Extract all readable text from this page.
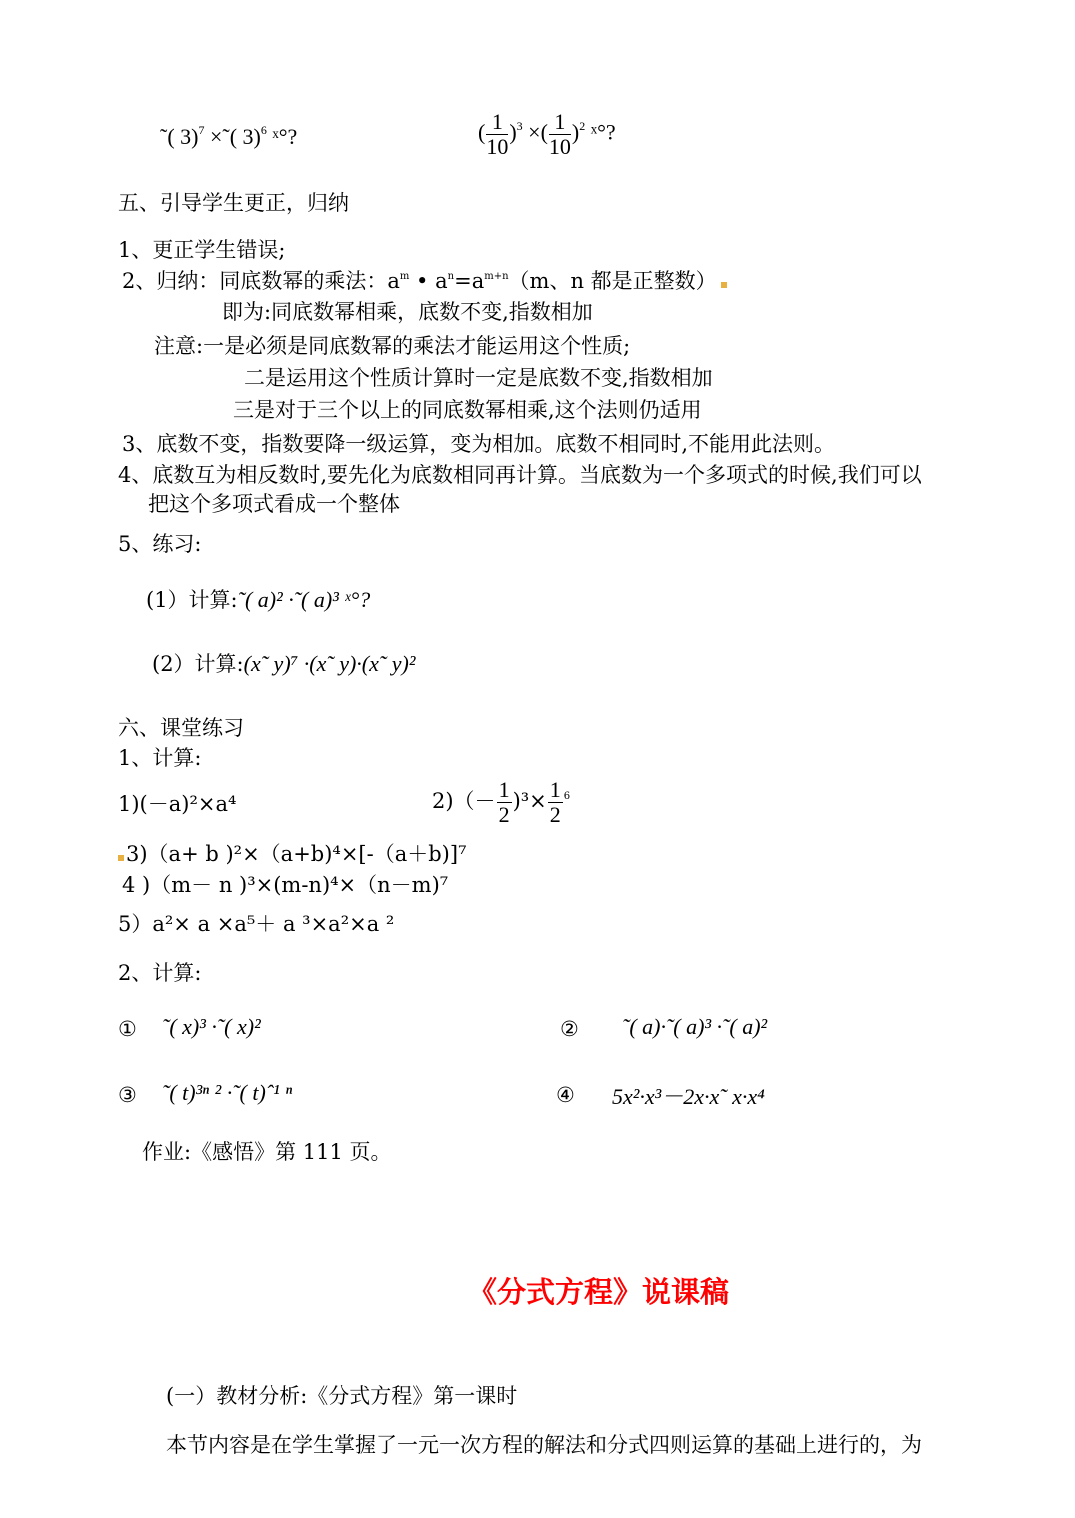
˜( 3)$^7$ ×˜( 3)$^6$ ˣ°?	( $\frac{1}{10} )^3$ ×( $\frac{1}{10} )^2$ ˣ°?
五、引导学生更正，归纳
1、更正学生错误;
2、归纳：同底数幂的乘法：$a^m$ • $a^n=a^{m+n}(m$、n 都是正整数）
即为:同底数幂相乘，底数不变,指数相加
注意:一是必须是同底数幂的乘法才能运用这个性质;
二是运用这个性质计算时一定是底数不变,指数相加
三是对于三个以上的同底数幂相乘,这个法则仍适用
3、底数不变，指数要降一级运算，变为相加。底数不相同时,不能用此法则。
4、底数互为相反数时,要先化为底数相同再计算。当底数为一个多项式的时候,我们可以
把这个多项式看成一个整体
5、练习:
(1）计算:˜( a)² ·˜( a)³ ˣ°?
(2）计算:(x˜ y)⁷ ·(x˜ y)·(x˜ y)²
六、课堂练习
1、计算:
1)(－a)²×a⁴	$2)(- \frac{1}{2} )^3\times \frac{1}{2} ^6$
3)（a+ b )²×（a+b)⁴×[-（a＋b)]⁷
4 )（m－ n )³×(m-n)⁴×（n－m)⁷
5）a²× a ×a⁵＋ a ³×a²×a ²
2、计算:
① ˜( x)³ ·˜( x)²	② ˜( a)·˜( a)³ ·˜( a)²
③ ˜( t)³ⁿ ² ·˜( t)ˆ¹ ⁿ	④ 5x²·x³－2x·x˜ x·x⁴
作业:《感悟》第 111 页。
《分式方程》说课稿
(一）教材分析:《分式方程》第一课时
本节内容是在学生掌握了一元一次方程的解法和分式四则运算的基础上进行的，为
